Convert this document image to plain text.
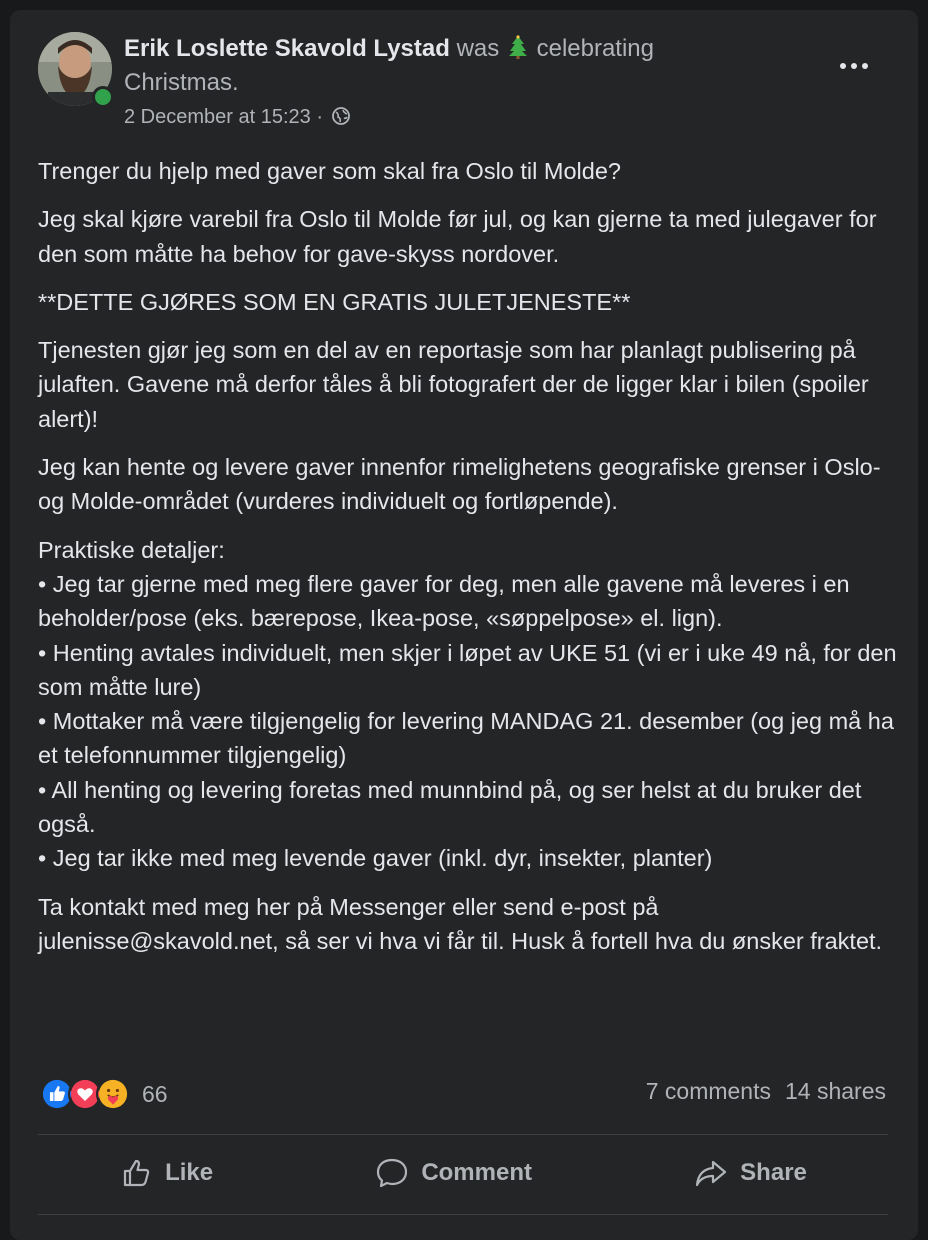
Erik Loslette Skavold Lystad was celebrating Christmas.
2 December at 15:23 ·

Trenger du hjelp med gaver som skal fra Oslo til Molde?

Jeg skal kjøre varebil fra Oslo til Molde før jul, og kan gjerne ta med julegaver for den som måtte ha behov for gave-skyss nordover.

**DETTE GJØRES SOM EN GRATIS JULETJENESTE**

Tjenesten gjør jeg som en del av en reportasje som har planlagt publisering på julaften. Gavene må derfor tåles å bli fotografert der de ligger klar i bilen (spoiler alert)!

Jeg kan hente og levere gaver innenfor rimelighetens geografiske grenser i Oslo- og Molde-området (vurderes individuelt og fortløpende).

Praktiske detaljer:
• Jeg tar gjerne med meg flere gaver for deg, men alle gavene må leveres i en beholder/pose (eks. bærepose, Ikea-pose, «søppelpose» el. lign).
• Henting avtales individuelt, men skjer i løpet av UKE 51 (vi er i uke 49 nå, for den som måtte lure)
• Mottaker må være tilgjengelig for levering MANDAG 21. desember (og jeg må ha et telefonnummer tilgjengelig)
• All henting og levering foretas med munnbind på, og ser helst at du bruker det også.
• Jeg tar ikke med meg levende gaver (inkl. dyr, insekter, planter)

Ta kontakt med meg her på Messenger eller send e-post på julenisse@skavold.net, så ser vi hva vi får til. Husk å fortell hva du ønsker fraktet.

66	7 comments 14 shares
Like	Comment	Share
